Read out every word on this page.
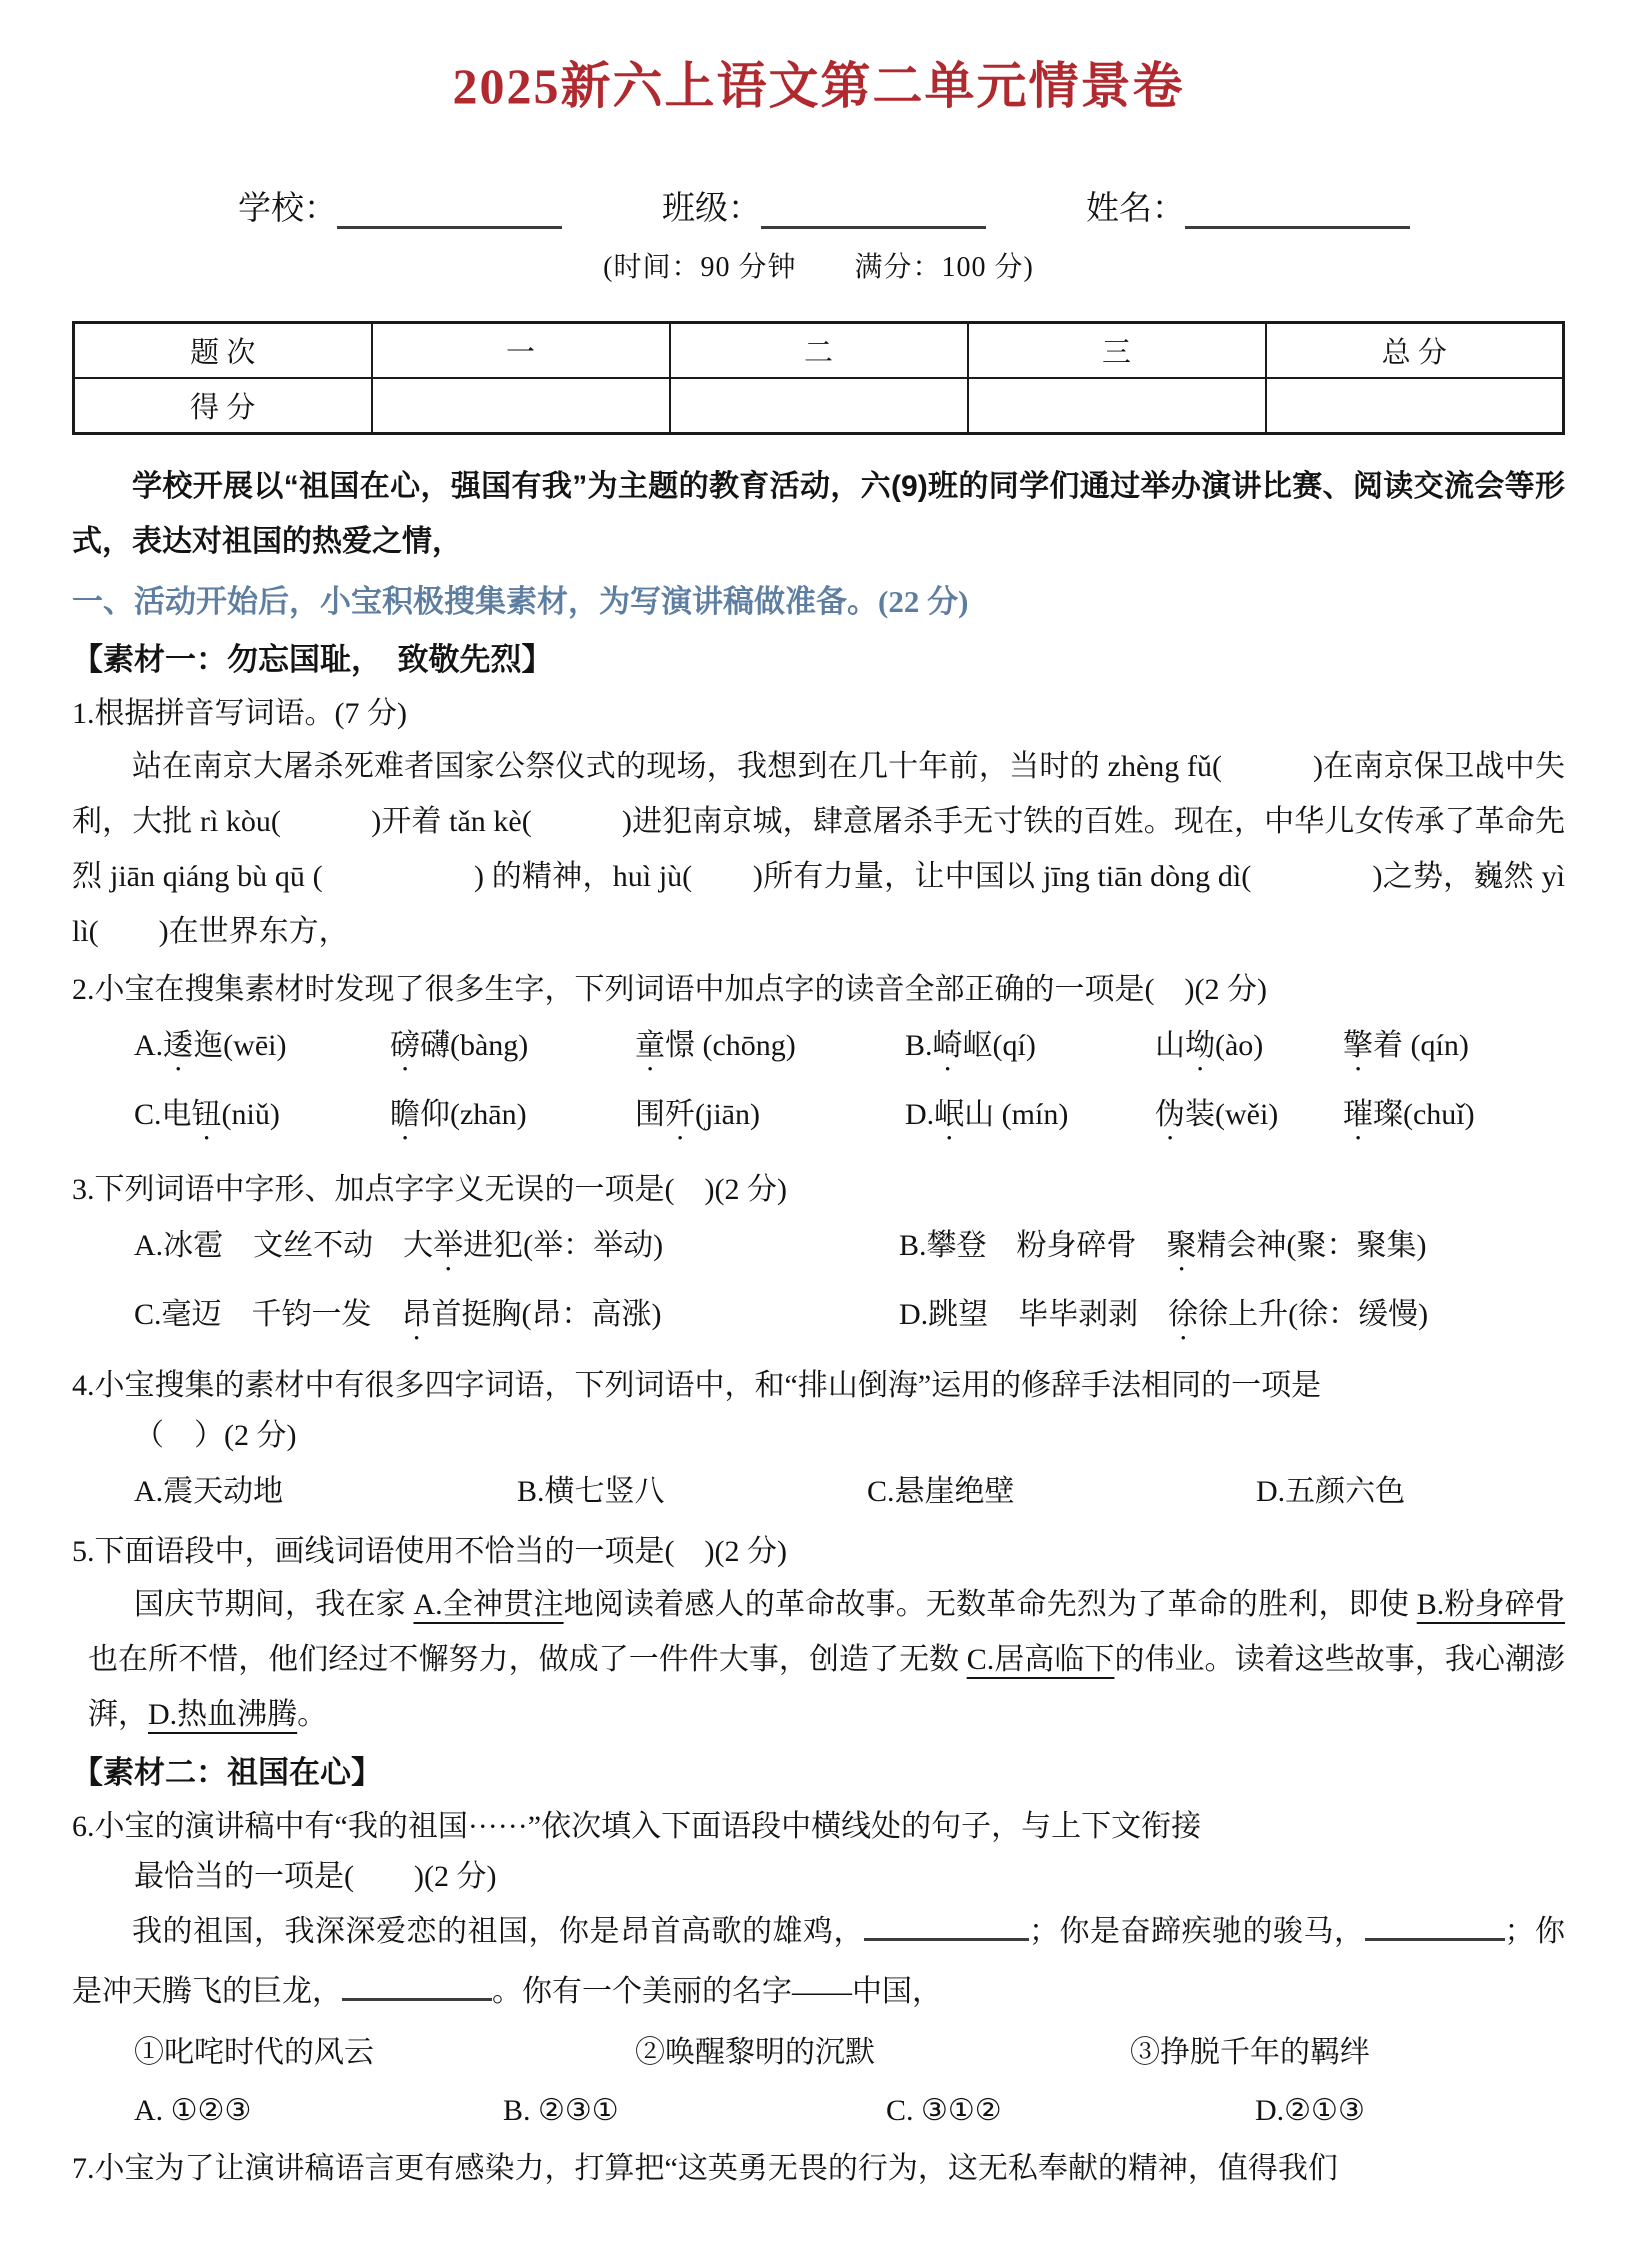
2025新六上语文第二单元情景卷
学校：	班级：	姓名：
(时间：90 分钟　　满分：100 分)
题 次	一	二	三	总 分
得 分				

学校开展以“祖国在心，强国有我”为主题的教育活动，六(9)班的同学们通过举办演讲比赛、阅读交流会等形式，表达对祖国的热爱之情，

一、活动开始后，小宝积极搜集素材，为写演讲稿做准备。(22 分)
【素材一：勿忘国耻，　致敬先烈】

1.根据拼音写词语。(7 分)

站在南京大屠杀死难者国家公祭仪式的现场，我想到在几十年前，当时的 zhèng fǔ(　　　)在南京保卫战中失利，大批 rì kòu(　　　)开着 tǎn kè(　　　)进犯南京城，肆意屠杀手无寸铁的百姓。现在，中华儿女传承了革命先烈 jiān qiáng bù qū (　　　　　) 的精神，huì jù(　　)所有力量，让中国以 jīng tiān dòng dì(　　　　)之势，巍然 yì lì(　　)在世界东方，

2.小宝在搜集素材时发现了很多生字，下列词语中加点字的读音全部正确的一项是(　)(2 分)

A.逶迤(wēi)	磅礴(bàng)	童憬 (chōng)	B.崎岖(qí)	山坳(ào)	擎着 (qín)
C.电钮(niǔ)	瞻仰(zhān)	围歼(jiān)	D.岷山 (mín)	伪装(wěi)	璀璨(chuǐ)

3.下列词语中字形、加点字字义无误的一项是(　)(2 分)

A.冰雹　文丝不动　大举进犯(举：举动)	B.攀登　粉身碎骨　聚精会神(聚：聚集)
C.毫迈　千钧一发　昂首挺胸(昂：高涨)	D.跳望　毕毕剥剥　徐徐上升(徐：缓慢)

4.小宝搜集的素材中有很多四字词语，下列词语中，和“排山倒海”运用的修辞手法相同的一项是

（　）(2 分)

A.震天动地	B.横七竖八	C.悬崖绝壁	D.五颜六色

5.下面语段中，画线词语使用不恰当的一项是(　)(2 分)

国庆节期间，我在家 A.全神贯注地阅读着感人的革命故事。无数革命先烈为了革命的胜利，即使 B.粉身碎骨也在所不惜，他们经过不懈努力，做成了一件件大事，创造了无数 C.居高临下的伟业。读着这些故事，我心潮澎湃，D.热血沸腾。

【素材二：祖国在心】

6.小宝的演讲稿中有“我的祖国······”依次填入下面语段中横线处的句子，与上下文衔接

最恰当的一项是(　　)(2 分)

我的祖国，我深深爱恋的祖国，你是昂首高歌的雄鸡，	；你是奋蹄疾驰的骏马，	；你是冲天腾飞的巨龙，	。你有一个美丽的名字——中国，

①叱咤时代的风云	②唤醒黎明的沉默	③挣脱千年的羁绊
A. ①②③	B. ②③①	C. ③①②	D.②①③

7.小宝为了让演讲稿语言更有感染力，打算把“这英勇无畏的行为，这无私奉献的精神，值得我们
